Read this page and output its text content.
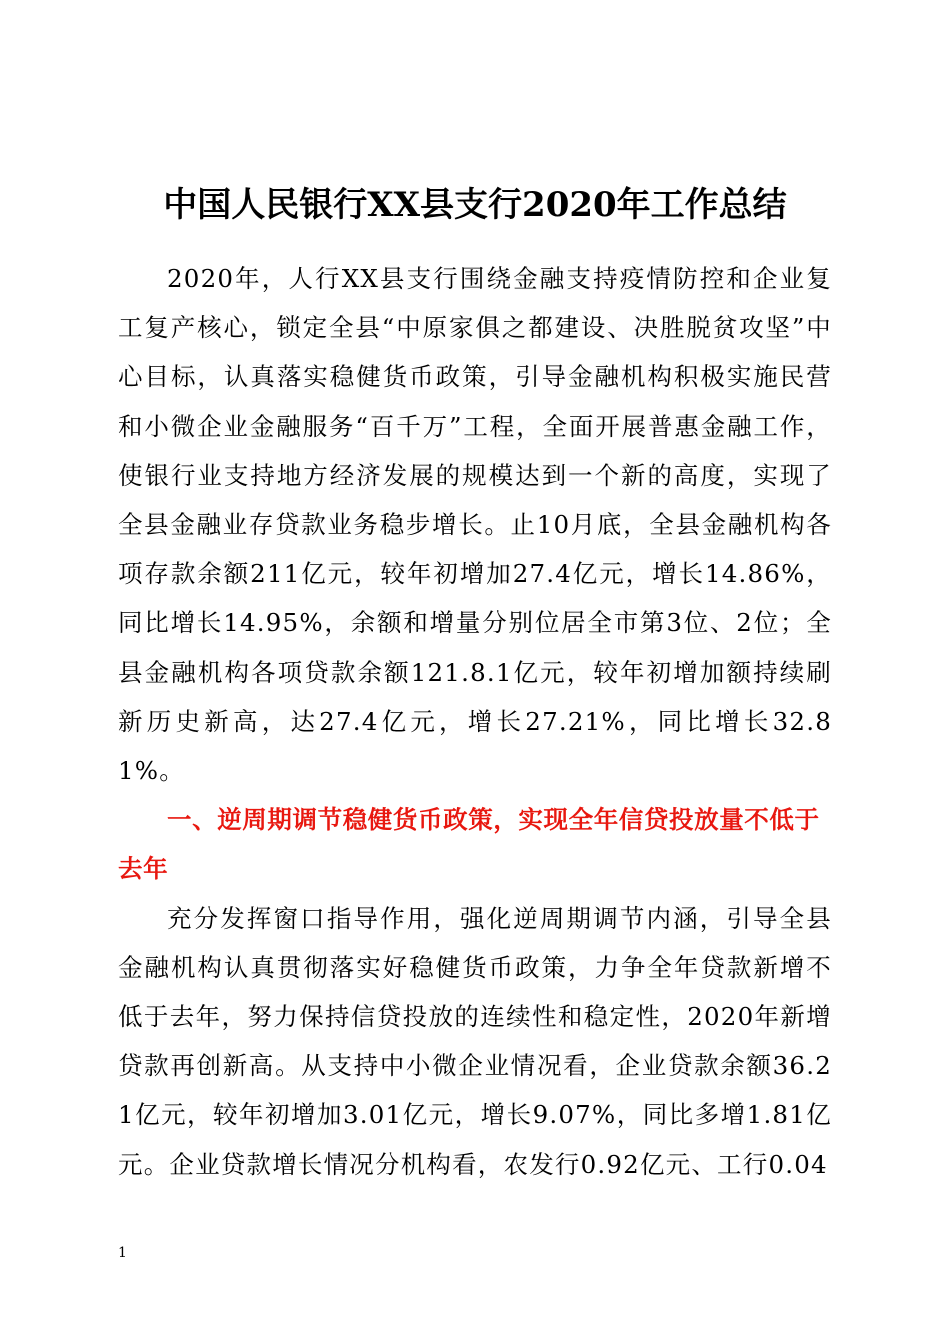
中国人民银行XX县支行2020年工作总结

2020年，人行XX县支行围绕金融支持疫情防控和企业复工复产核心，锁定全县“中原家俱之都建设、决胜脱贫攻坚”中心目标，认真落实稳健货币政策，引导金融机构积极实施民营和小微企业金融服务“百千万”工程，全面开展普惠金融工作，使银行业支持地方经济发展的规模达到一个新的高度，实现了全县金融业存贷款业务稳步增长。止10月底，全县金融机构各项存款余额211亿元，较年初增加27.4亿元，增长14.86%，同比增长14.95%，余额和增量分别位居全市第3位、2位；全县金融机构各项贷款余额121.8.1亿元，较年初增加额持续刷新历史新高，达27.4亿元，增长27.21%，同比增长32.81%。

一、逆周期调节稳健货币政策，实现全年信贷投放量不低于去年

充分发挥窗口指导作用，强化逆周期调节内涵，引导全县金融机构认真贯彻落实好稳健货币政策，力争全年贷款新增不低于去年，努力保持信贷投放的连续性和稳定性，2020年新增贷款再创新高。从支持中小微企业情况看，企业贷款余额36.21亿元，较年初增加3.01亿元，增长9.07%，同比多增1.81亿元。企业贷款增长情况分机构看，农发行0.92亿元、工行0.04

1
